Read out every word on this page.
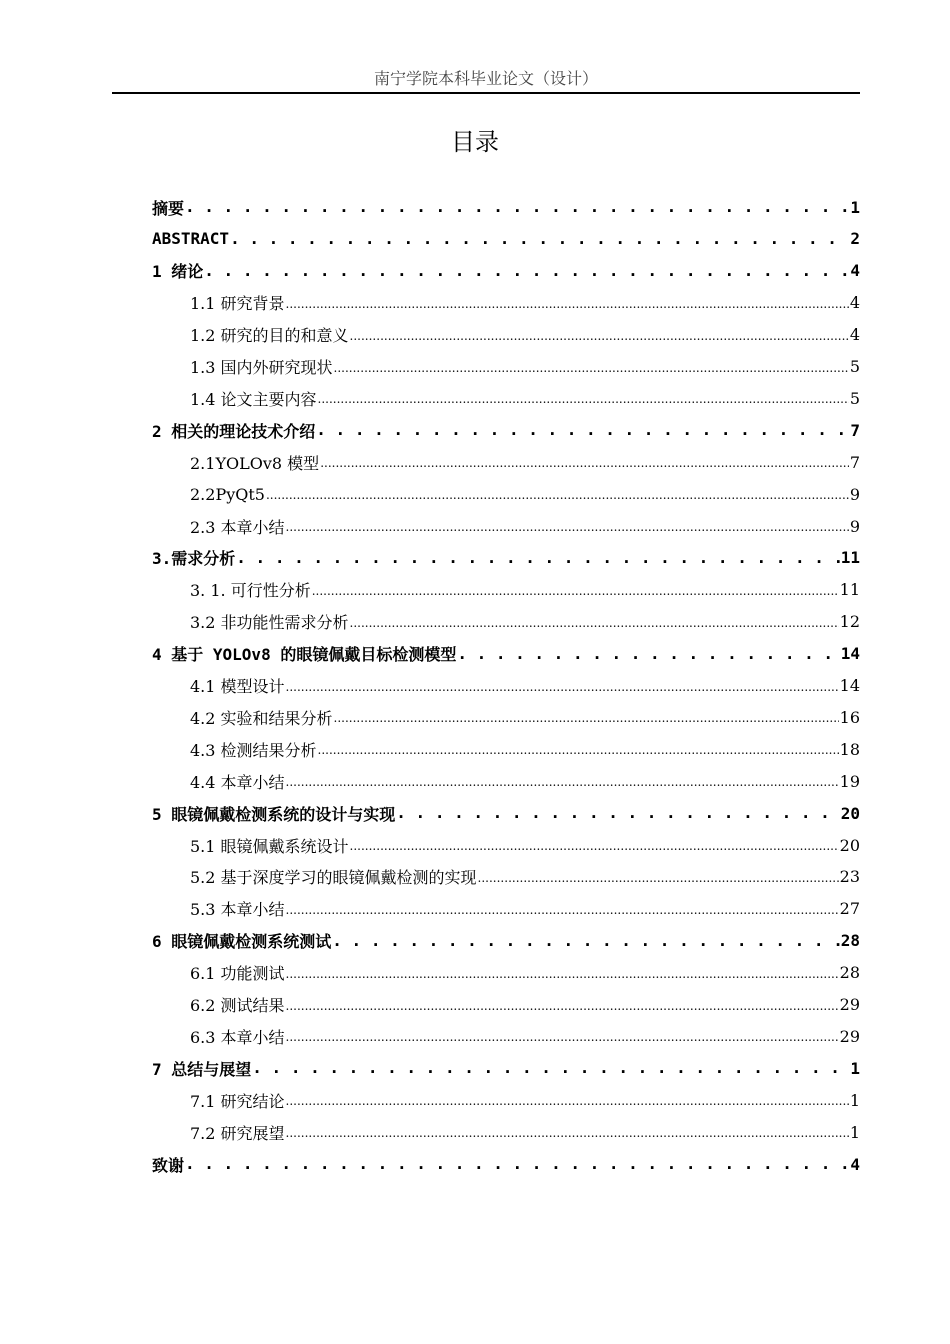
南宁学院本科毕业论文（设计）
目录
摘要 . . .	1
ABSTRACT . . .	2
1 绪论 . . .	4
1.1 研究背景 .....	4
1.2 研究的目的和意义 .....	4
1.3 国内外研究现状 .....	5
1.4 论文主要内容 .....	5
2 相关的理论技术介绍 . . .	7
2.1YOLOv8 模型 .....	7
2.2PyQt5 .....	9
2.3 本章小结 .....	9
3.需求分析 . . .	11
3. 1. 可行性分析 .....	11
3.2 非功能性需求分析 .....	12
4 基于 YOLOv8 的眼镜佩戴目标检测模型 . . .	14
4.1 模型设计 .....	14
4.2 实验和结果分析 .....	16
4.3 检测结果分析 .....	18
4.4 本章小结 .....	19
5 眼镜佩戴检测系统的设计与实现 . . .	20
5.1 眼镜佩戴系统设计 .....	20
5.2 基于深度学习的眼镜佩戴检测的实现 .....	23
5.3 本章小结 .....	27
6 眼镜佩戴检测系统测试 . . .	28
6.1 功能测试 .....	28
6.2 测试结果 .....	29
6.3 本章小结 .....	29
7 总结与展望 . . .	1
7.1 研究结论 .....	1
7.2 研究展望 .....	1
致谢 . . .	4
